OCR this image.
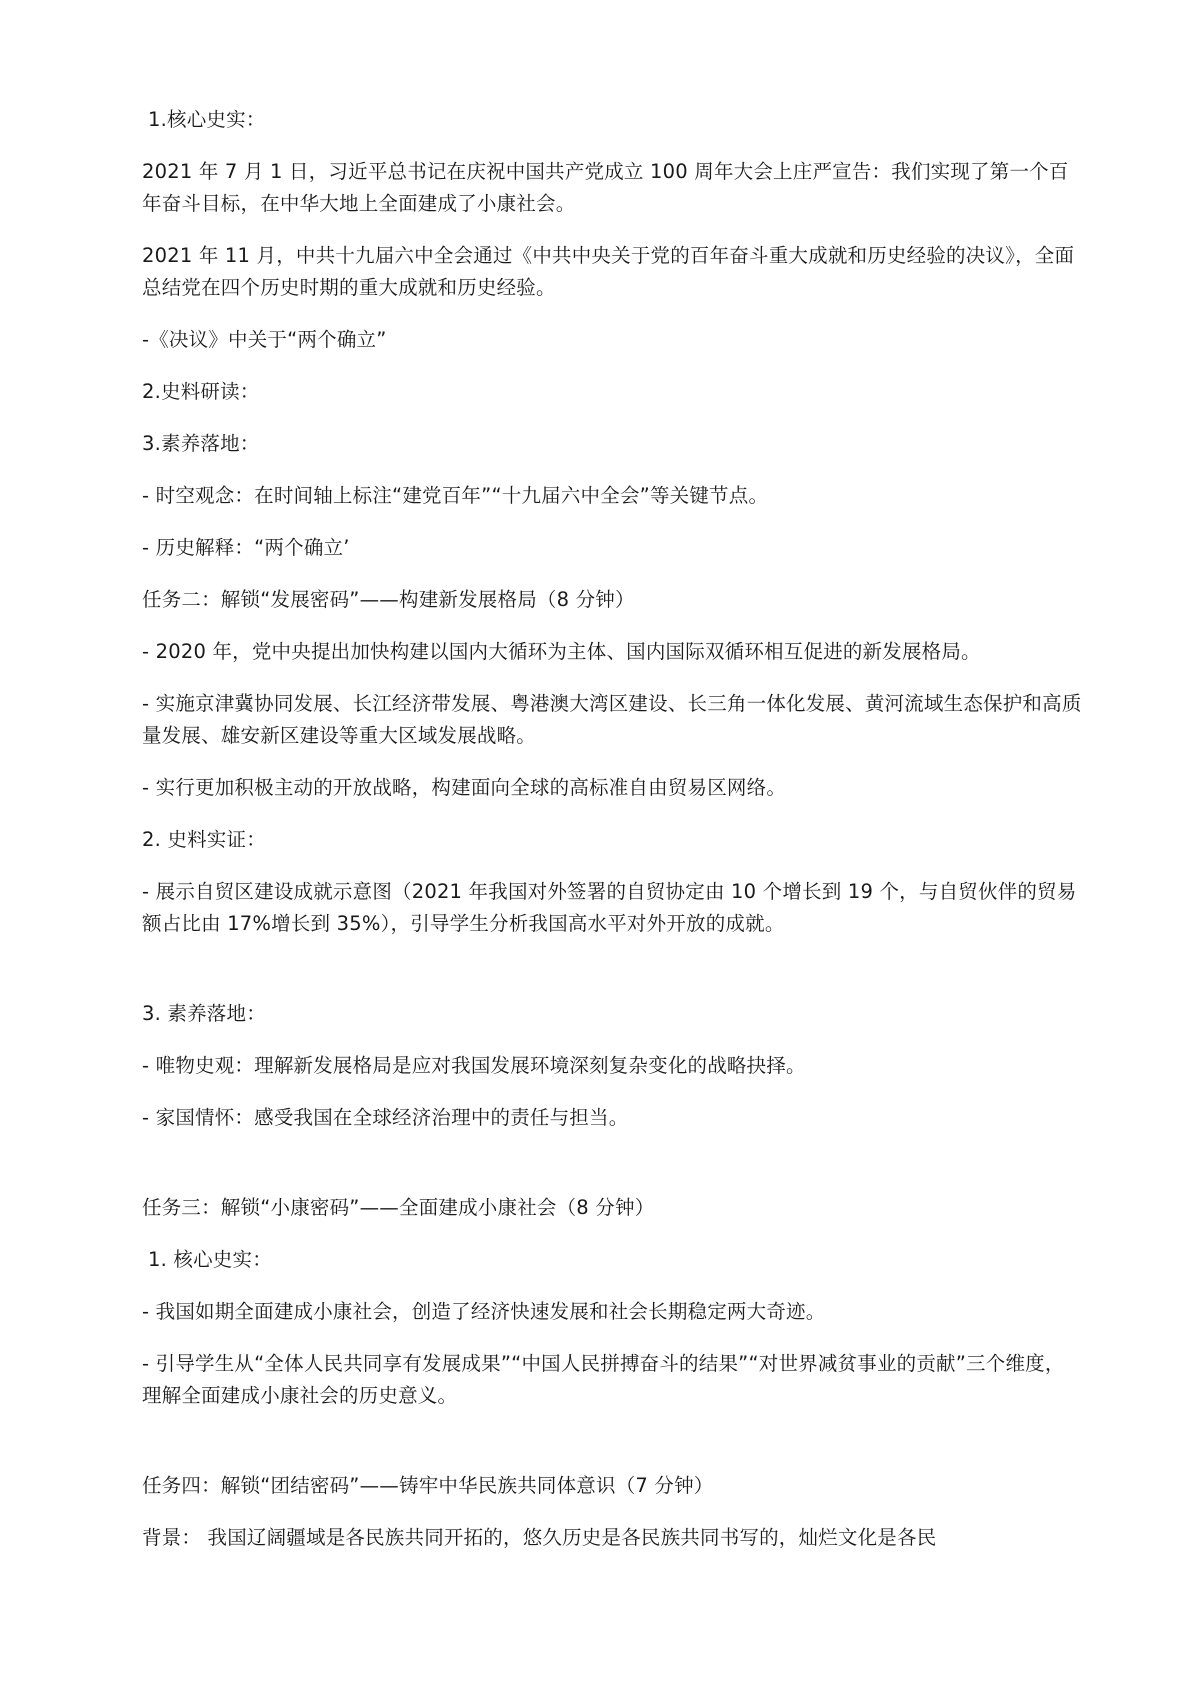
1.核心史实：

2021 年 7 月 1 日，习近平总书记在庆祝中国共产党成立 100 周年大会上庄严宣告：我们实现了第一个百年奋斗目标，在中华大地上全面建成了小康社会。

2021 年 11 月，中共十九届六中全会通过《中共中央关于党的百年奋斗重大成就和历史经验的决议》，全面总结党在四个历史时期的重大成就和历史经验。

-《决议》中关于“两个确立”

2.史料研读：

3.素养落地：

- 时空观念：在时间轴上标注“建党百年”“十九届六中全会”等关键节点。

- 历史解释：“两个确立’

任务二：解锁“发展密码”——构建新发展格局（8 分钟）

- 2020 年，党中央提出加快构建以国内大循环为主体、国内国际双循环相互促进的新发展格局。

- 实施京津冀协同发展、长江经济带发展、粤港澳大湾区建设、长三角一体化发展、黄河流域生态保护和高质量发展、雄安新区建设等重大区域发展战略。

- 实行更加积极主动的开放战略，构建面向全球的高标准自由贸易区网络。

2. 史料实证：

- 展示自贸区建设成就示意图（2021 年我国对外签署的自贸协定由 10 个增长到 19 个，与自贸伙伴的贸易额占比由 17%增长到 35%），引导学生分析我国高水平对外开放的成就。

3. 素养落地：

- 唯物史观：理解新发展格局是应对我国发展环境深刻复杂变化的战略抉择。

- 家国情怀：感受我国在全球经济治理中的责任与担当。

任务三：解锁“小康密码”——全面建成小康社会（8 分钟）

1. 核心史实：

- 我国如期全面建成小康社会，创造了经济快速发展和社会长期稳定两大奇迹。

- 引导学生从“全体人民共同享有发展成果”“中国人民拼搏奋斗的结果”“对世界减贫事业的贡献”三个维度，理解全面建成小康社会的历史意义。

任务四：解锁“团结密码”——铸牢中华民族共同体意识（7 分钟）

背景： 我国辽阔疆域是各民族共同开拓的，悠久历史是各民族共同书写的，灿烂文化是各民
